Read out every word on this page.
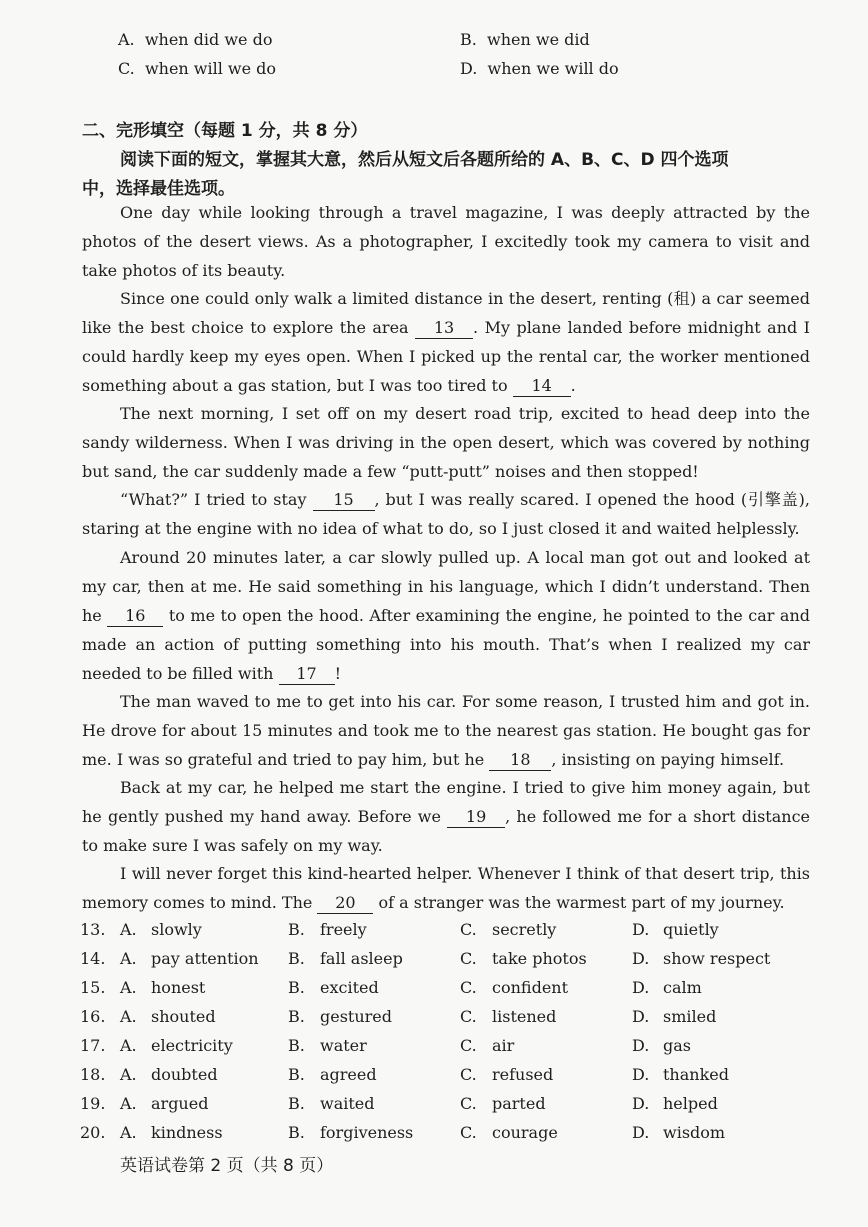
A. when did we do	B. when we did
C. when will we do	D. when we will do
二、完形填空（每题 1 分，共 8 分）
阅读下面的短文，掌握其大意，然后从短文后各题所给的 A、B、C、D 四个选项
中，选择最佳选项。
One day while looking through a travel magazine, I was deeply attracted by the photos of the desert views. As a photographer, I excitedly took my camera to visit and take photos of its beauty.
Since one could only walk a limited distance in the desert, renting (租) a car seemed like the best choice to explore the area 13 . My plane landed before midnight and I could hardly keep my eyes open. When I picked up the rental car, the worker mentioned something about a gas station, but I was too tired to 14 .
The next morning, I set off on my desert road trip, excited to head deep into the sandy wilderness. When I was driving in the open desert, which was covered by nothing but sand, the car suddenly made a few “putt-putt” noises and then stopped!
“What?” I tried to stay 15 , but I was really scared. I opened the hood (引擎盖), staring at the engine with no idea of what to do, so I just closed it and waited helplessly.
Around 20 minutes later, a car slowly pulled up. A local man got out and looked at my car, then at me. He said something in his language, which I didn’t understand. Then he 16 to me to open the hood. After examining the engine, he pointed to the car and made an action of putting something into his mouth. That’s when I realized my car needed to be filled with 17 !
The man waved to me to get into his car. For some reason, I trusted him and got in. He drove for about 15 minutes and took me to the nearest gas station. He bought gas for me. I was so grateful and tried to pay him, but he 18 , insisting on paying himself.
Back at my car, he helped me start the engine. I tried to give him money again, but he gently pushed my hand away. Before we 19 , he followed me for a short distance to make sure I was safely on my way.
I will never forget this kind-hearted helper. Whenever I think of that desert trip, this memory comes to mind. The 20 of a stranger was the warmest part of my journey.
13. A. slowly	B. freely	C. secretly	D. quietly
14. A. pay attention B. fall asleep	C. take photos	D. show respect
15. A. honest	B. excited	C. confident	D. calm
16. A. shouted	B. gestured	C. listened	D. smiled
17. A. electricity	B. water	C. air	D. gas
18. A. doubted	B. agreed	C. refused	D. thanked
19. A. argued	B. waited	C. parted	D. helped
20. A. kindness	B. forgiveness	C. courage	D. wisdom
英语试卷第 2 页（共 8 页）
